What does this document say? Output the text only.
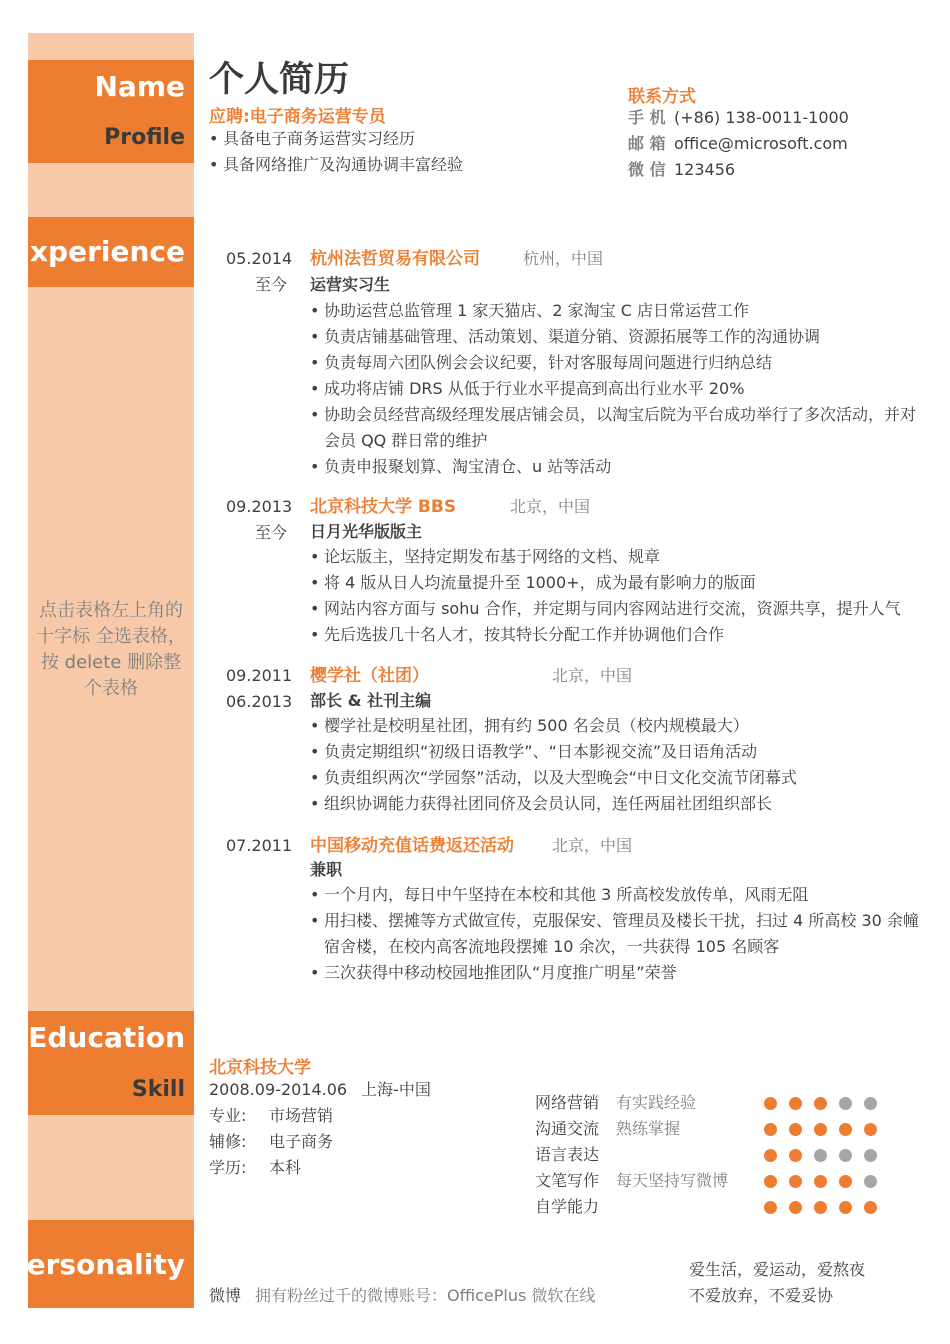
Name
Profile
Experience
点击表格左上角的 十字标 全选表格，按 delete 删除整个表格
Education
Skill
Personality
个人简历
应聘:电子商务运营专员
• 具备电子商务运营实习经历
• 具备网络推广及沟通协调丰富经验
联系方式
手 机 (+86) 138-0011-1000
邮 箱 office@microsoft.com
微 信 123456
05.2014
至今
杭州法哲贸易有限公司	杭州，中国
运营实习生
• 协助运营总监管理 1 家天猫店、2 家淘宝 C 店日常运营工作
• 负责店铺基础管理、活动策划、渠道分销、资源拓展等工作的沟通协调
• 负责每周六团队例会会议纪要，针对客服每周问题进行归纳总结
• 成功将店铺 DRS 从低于行业水平提高到高出行业水平 20%
• 协助会员经营高级经理发展店铺会员，以淘宝后院为平台成功举行了多次活动，并对
会员 QQ 群日常的维护
• 负责申报聚划算、淘宝清仓、u 站等活动
09.2013
至今
北京科技大学 BBS	北京，中国
日月光华版版主
• 论坛版主，坚持定期发布基于网络的文档、规章
• 将 4 版从日人均流量提升至 1000+，成为最有影响力的版面
• 网站内容方面与 sohu 合作，并定期与同内容网站进行交流，资源共享，提升人气
• 先后选拔几十名人才，按其特长分配工作并协调他们合作
09.2011
06.2013
樱学社（社团）	北京，中国
部长 & 社刊主编
• 樱学社是校明星社团，拥有约 500 名会员（校内规模最大）
• 负责定期组织“初级日语教学”、“日本影视交流”及日语角活动
• 负责组织两次“学园祭”活动，以及大型晚会“中日文化交流节闭幕式
• 组织协调能力获得社团同侪及会员认同，连任两届社团组织部长
07.2011 中国移动充值话费返还活动 北京，中国
兼职
• 一个月内，每日中午坚持在本校和其他 3 所高校发放传单，风雨无阻
• 用扫楼、摆摊等方式做宣传，克服保安、管理员及楼长干扰，扫过 4 所高校 30 余幢
宿舍楼，在校内高客流地段摆摊 10 余次，一共获得 105 名顾客
• 三次获得中移动校园地推团队“月度推广明星”荣誉
北京科技大学
2008.09-2014.06 上海-中国
专业: 市场营销
辅修: 电子商务
学历: 本科
网络营销 有实践经验
沟通交流 熟练掌握
语言表达
文笔写作 每天坚持写微博
自学能力
微博 拥有粉丝过千的微博账号：OfficePlus 微软在线
爱生活，爱运动，爱熬夜
不爱放弃，不爱妥协
